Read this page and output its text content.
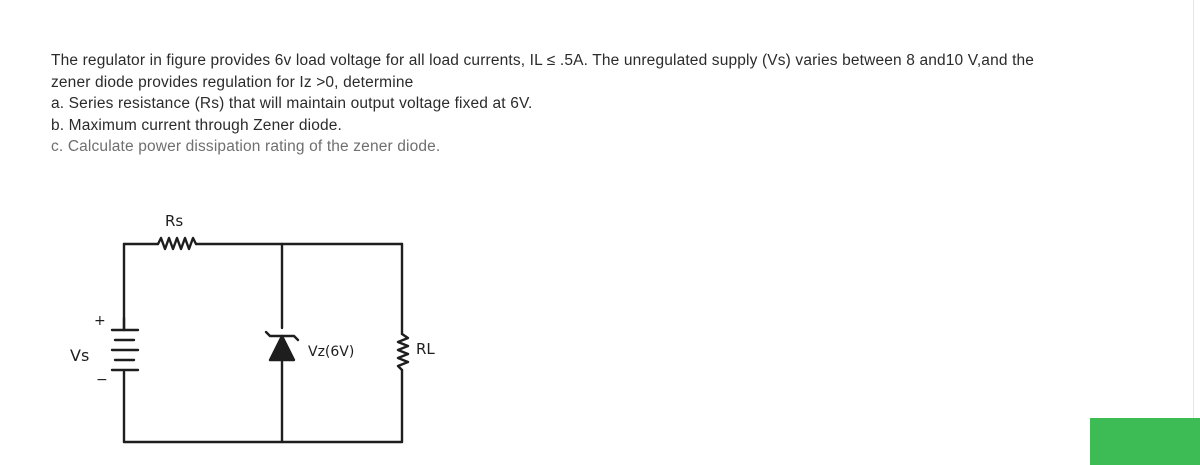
The regulator in figure provides 6v load voltage for all load currents, IL ≤ .5A. The unregulated supply (Vs) varies between 8 and10 V,and the
zener diode provides regulation for Iz >0, determine
a. Series resistance (Rs) that will maintain output voltage fixed at 6V.
b. Maximum current through Zener diode.
c. Calculate power dissipation rating of the zener diode.
Rs
+
−
Vs	Vz(6V)	RL
